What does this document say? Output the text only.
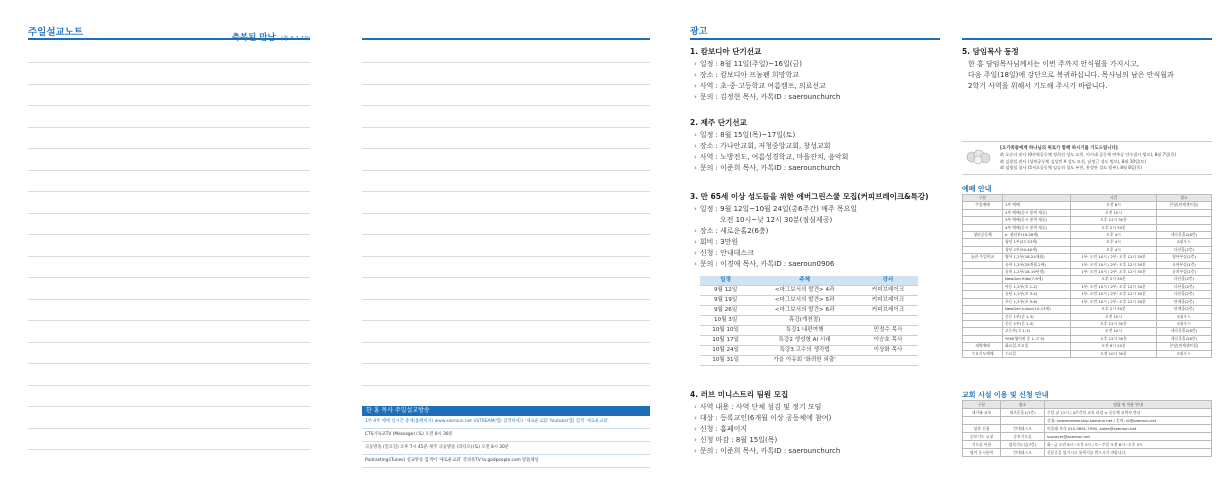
주일설교노트
한 홍 목사 주일설교방송
1부-4부 예배 실시간 중계(홈페이지) www.saeroun.net USTREAM(앱) 검색하세요 '새로운교회' Youtube(앱) 검색 '새로운교회'
CTS기독교TV (Message) (토) 오전 8시 30분
극동방송 (일요일) 오후 7시 45분 제주 극동방송 (라디오)(토) 오전 8시 30분
Podcasting(iTunes) 설교방송 검색어 '새로운교회' 갓피플TV tv.godpeople.com 말씀채널
광고
1. 캄보디아 단기선교
› 일정 : 8월 11일(주일)~16일(금)
› 장소 : 캄보디아 프놈펜 희망학교
› 사역 : 초·중·고등학교 여름캠프, 의료선교
› 문의 : 김정현 목사, 카톡ID : saerounchurch
2. 제주 단기선교
› 일정 : 8월 15일(목)~17일(토)
› 장소 : 가나안교회, 저청중앙교회, 창성교회
› 사역 : 노방전도, 여름성경학교, 마을잔치, 음악회
› 문의 : 이준희 목사, 카톡ID : saerounchurch
3. 만 65세 이상 성도들을 위한 에버그린스쿨 모집(커피브레이크&특강)
› 일정 : 9월 12일~10월 24일(총6주간) 매주 목요일
오전 10시~낮 12시 30분(점심제공)
› 장소 : 새로운홀2(6층)
› 회비 : 3만원
› 신청 : 안내데스크
› 문의 : 이경애 목사, 카톡ID : saeroun0906
일정	주제	강사
9월 12일	<마그보서의 발견> 4과	커피브레이크
9월 19일	<마그보서의 발견> 5과	커피브레이크
9월 26일	<마그보서의 발견> 6과	커피브레이크
10월 3일	휴강(개천절)	
10월 10일	특강1 내편여행	민경수 목사
10월 17일	특강2 생성형 AI 시대	이승호 목사
10월 24일	특강3 고수의 생각법	이상화 목사
10월 31일	가을 아유회 '화려한 외출'	
4. 러브 미니스트리 팀원 모집
› 사역 내용 : 사역 단체 섬김 및 정기 모임
› 대상 : 등록교인(6개월 이상 공동체에 참여)
› 신청 : 홈페이지
› 신청 마감 : 8월 15일(목)
› 문의 : 이준희 목사, 카톡ID : saerounchurch
5. 담임목사 동정
한 홍 담임목사님께서는 이번 주까지 안식월을 가지시고,
다음 주일(18일)에 강단으로 복귀하십니다. 목사님의 남은 안식월과
2학기 사역을 위해서 기도해 주시기 바랍니다.
[오가족들에게 하나님의 위로가 함께 하시기를 기도드립니다]
故 오순녀 권사 (9사역공동체 정희진 성도 모친, 이시대 공동체 연주승 안수집사 빙모), 8월 7일(목)
故 김광섭 권사 (성북공동체 김성빈 A 성도 모친, 남정근 성도 빙모), 8월 10일(토)
故 임영철 집사 (5서초공동체 임승희 성도 부친, 홍성란 성도 빙부), 8월 8일(목)
예배 안내
구분		시간	장소
주일예배	1부 예배	오전 8시	본당(연세센트럴)
	2부 예배(동시 통역 제공)	오전 10시	
	3부 예배(동시 통역 제공)	오후 12시 30분	
	4부 예배(동시 통역 제공)	오후 2시 30분	
청년공동체	Jr. 청년부(19-26세)	오후 4시	새로운홀2(6층)
	청년 1부(27-33세)	오후 4시	S위우스
	청년 2부(34-40세)	오후 4시	다산홀(2층)
늘찬 주일학교	영아 1,2부(18-24개월)	1부: 오전 10시 / 2부: 오후 12시 30분	영아부실(2층)
	유아 1,2부(25개월-2세)	1부: 오전 10시 / 2부: 오후 12시 30분	유아부실(1층)
	유치 1,2부(18-19년생)	1부: 오전 10시 / 2부: 오후 12시 30분	유치부실(1층)
	NewGen Kids(7-9세)	오후 2시 30분	다산홀(2층)
	아동 1,2부(초 1-2)	1부: 오전 10시 / 2부: 오후 12시 30분	다산홀(2층)
	유년 1,2부(초 3-4)	1부: 오전 10시 / 2부: 오후 12시 30분	다산홀(2층)
	초등 1,2부(초 5-6)	1부: 오전 10시 / 2부: 오후 12시 30분	단계홀(2층)
	NewGen Junior(10-13세)	오후 2시 30분	단계홀(2층)
	중등 1부(중 1-3)	오전 10시	S위우스
	중등 2부(중 1-3)	오후 12시 30분	S위우스
	고등부(고 1-3)	오전 10시	새로운홀2(6층)
	YEM(영어권 중 1-고 3)	오후 12시 30분	새로운홀2(6층)
새벽예배	화요일-토요일	오전 6시 20분	본당(연세센트럴)
수요기도예배	수요일	오전 10시 30분	S위우스
교회 시설 이용 및 신청 안내
구분	장소	담당 및 이용 안내
새가족 교육	새로운홀1(7층)	주일 낮 12시 / 4주간의 교육 과정 ⇒ 공동체 교역자 만남
		신청: newmembership.saeroun.net / 문의: nf@saeroun.net
성찬 신청	안내데스크	이종태 목사 010-3691-7990, kalee@saeroun.net
중보기도 요청	중보기도실	scprayer@saeroun.net
기도실 이용	임목기도실(7층)	화~금 오전 8시~오후 5시 / 토~주일 오전 8시~오후 3시
영어 동시통역	안내데스크	신분증을 맡기시고 통역기를 받으시기 바랍니다.
